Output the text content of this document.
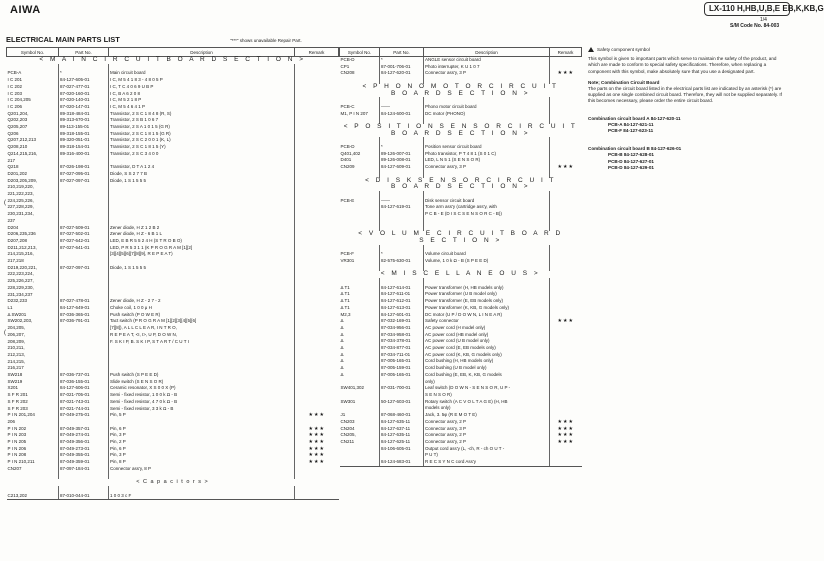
AIWA	LX-110 H,HB,U,B,E EB,K,KB,G
1/4
S/M Code No. 84-003
ELECTRICAL MAIN PARTS LIST	"***" shows unavailable Repair Part.
(
(
Symbol No.	Part No.	Description	Remark
< M A I N C I R C U I T B O A R D S E C T I O N >			

PCB-A	*	Main circuit board	
I C 201	84-127-605-01	I C, M 5 4 1 8 3 - 4 8 0 5 P	
I C 202	87-027-477-01	I C, T C 4 0 6 9 U B P	
I C 203	87-020-160-01	I C, B A 6 2 0 8	
I C 204,205	87-020-140-01	I C, M 5 2 1 8 P	
I C 206	87-020-147-01	I C, M 5 4 6 4 1 P	
Q201,204,	89-318-484-01	Transistor, 2 S C 1 8 4 8 (R, S)	
Q202,203	89-313-670-01	Transistor, 2 S B 1 0 6 7	
Q205,207	89-113-155-01	Transistor, 2 S A 1 0 1 5 (G R)	
Q206	89-318-155-01	Transistor, 2 S C 1 8 1 5 (G R)	
Q207,212,213	89-320-051-01	Transistor, 2 S C 2 0 0 1 (K, L)	
Q208,210	89-318-154-01	Transistor, 2 S C 1 8 1 5 (Y)	
Q214,215,216,	89-316-400-01	Transistor, 2 S C 3 4 0 0	
217			
Q218	87-026-198-01	Transistor, D T A 1 2 4	
D201,202	87-027-095-01	Diode, S S 2 7 7 B	
D203,205,209,	87-027-097-01	Diode, 1 S 1 5 5 5	
210,219,220,			
221,222,223,			
224,225,226,			
227,228,229,			
230,231,234,			
237			
D204	87-027-509-01	Zener diode, H Z 1 2 B 2	
D206,235,236	87-027-502-01	Zener diode, H Z - 6 B 1 L	
D207,208	87-027-642-01	LED, E B R 5 5 2 4 H (S T R O B O)	
D211,212,213,	87-027-641-01	LED, P R 5 3 1 1 (K P R O G R A M [1][2]	
214,215,216,		[3][4][5][6][7][8][9], R E P E A T)	
217,218			
D219,220,221,	87-027-097-01	Diode, 1 S 1 5 5 5	
222,223,224,			
225,226,227,			
228,229,230,			
231,234,237			
D232,233	87-027-478-01	Zener diode, H Z - 2 7 - 2	
L1	84-127-649-01	Choke coil, 1 0 0 μ H	
Δ SW201	87-036-365-01	Push switch (P O W E R)	
SW202,203,	87-036-791-01	Tact switch (P R O G R A M [1][2][3][4][5][6]	
204,205,		[7][8]), A L L C L E A R, I N T R O,	
206,207,		R E P E A T, <I, I>, U P, D O W N,	
208,209,		F. S K I P, B. S K I P, S T A R T / C U T I	
210,211,			
212,213,			
214,215,			
216,217			
SW218	87-036-737-01	Push switch (S P E E D)	
SW219	87-036-155-01	Slide switch (S E N S O R)	
X201	84-127-606-01	Ceramic resonator, X S 0 0 X (P)	
S F R 201	87-021-705-01	Semi - fixed resistor, 1 0 0 k Ω - B	
S F R 202	87-021-743-01	Semi - fixed resistor, 4 7 0 k Ω - B	
S F R 203	87-021-744-01	Semi - fixed resistor, 3 3 k Ω - B	
P I N 201,204	87-049-275-01	Pin, 5 P	★★★
206			
P I N 202	87-049-357-01	Pin, 6 P	★★★
P I N 203	87-049-274-01	Pin, 3 P	★★★
P I N 205	87-049-356-01	Pin, 2 P	★★★
P I N 206	87-049-273-01	Pin, 6 P	★★★
P I N 208	87-049-355-01	Pin, 3 P	★★★
P I N 210,211	87-049-359-01	Pin, 8 P	★★★
CN207	87-097-184-01	Connector ass'y, 8 P	

< C a p a c i t o r s >			

C213,202	87-010-044-01	1 0 0 3 c F	
Symbol No.	Part No.	Description	Remark
PCB-D	*	ANGLE sensor circuit board	
CP1	87-001-706-01	Photo interrupter, K U 1 0 7	
CN208	84-127-620-01	Connector ass'y, 3 P	★★★

< P H O N O M O T O R C I R C U I T			
B O A R D S E C T I O N >			

PCB-C	——	Phono motor circuit board	
M1, P I N 207	84-124-600-01	DC motor (PHONO)	

< P O S I T I O N S E N S O R C I R C U I T			
B O A R D S E C T I O N >			

PCB-D	*	Position sensor circuit board	
Q401,402	89-126-007-01	Photo transistor, P T 4 8 1 (S 0 1 C)	
D401	89-126-008-01	LED, L N 5 1 (S E N S O R)	
CN209	84-127-609-01	Connector ass'y, 3 P	★★★

< D I S K S E N S O R C I R C U I T			
B O A R D S E C T I O N >			

PCB-E	——	Disk sensor circuit board	
	84-127-619-01	Tone arm ass'y (cartridge ass'y, with	
		P C B - E (D I S C S E N S O R C - B))	

< V O L U M E C I R C U I T B O A R D			
S E C T I O N >			

PCB-F	*	Volume circuit board	
VR301	82-575-630-01	Volume, 1 0 k Ω - B (S P E E D)	

< M I S C E L L A N E O U S >			

Δ T1	84-127-614-01	Power transformer (H, HB models only)	
Δ T1	84-127-611-01	Power transformer (U B model only)	
Δ T1	84-127-612-01	Power transformer (E, EB models only)	
Δ T1	84-127-613-01	Power transformer (K, KB, G models only)	
M2,3	84-127-601-01	DC motor (U P / D O W N, L I N E A R)	
Δ	87-032-169-01	Safety connector	★★★
Δ	87-034-956-01	AC power cord (H model only)	
Δ	87-034-958-01	AC power cord (HB model only)	
Δ	87-034-378-01	AC power cord (U B model only)	
Δ	87-034-877-01	AC power cord (E, EB models only)	
Δ	87-034-711-01	AC power cord (K, KB, G models only)	
Δ	87-005-165-01	Cord bushing (H, HB models only)	
Δ	87-005-159-01	Cord bushing (U B model only)	
Δ	87-005-165-01	Cord bushing (E, EB, K, KB, G models	
		only)	
SW401,302	87-031-700-01	Leaf switch (D O W N - S E N S O R, U P -	
		S E N S O R)	
SW301	50-127-603-01	Rotary switch (A C V O L T A G E) (H, HB	
		models only)	
J1	87-068-460-01	Jack, 3. 5φ (R E M O T E)	
CN203	84-127-635-11	Connector ass'y, 2 P	★★★
CN204	84-127-637-11	Connector ass'y, 3 P	★★★
CN205,	84-127-635-11	Connector ass'y, 2 P	★★★
CN211	84-127-625-11	Connector ass'y, 2 P	★★★
	84-106-605-01	Output cord ass'y (L, -ch, R - ch O U T -	
		P U T)	
	84-124-683-01	R E C S Y N C cord Ass'y	

Safety component symbol

This symbol is given to important parts which serve to maintain the safety of the product, and which are made to conform to special safety specifications. Therefore, when replacing a component with this symbol, make absolutely sure that you use a designated part.

Note; Combination Circuit Board

The parts on the circuit board listed in the electrical parts list are indicated by an asterisk (*) are supplied as one single combined circuit board. Therefore, they will not be supplied separately. If this becomes necessary, please order the entire circuit board.

Combination circuit board A 84-127-620-11
PCB-A 84-127-621-11
PCB-F 84-127-623-11
Combination circuit board B 84-127-626-01
PCB-B 84-127-628-01
PCB-D 84-127-627-01
PCB-D 84-127-629-01
